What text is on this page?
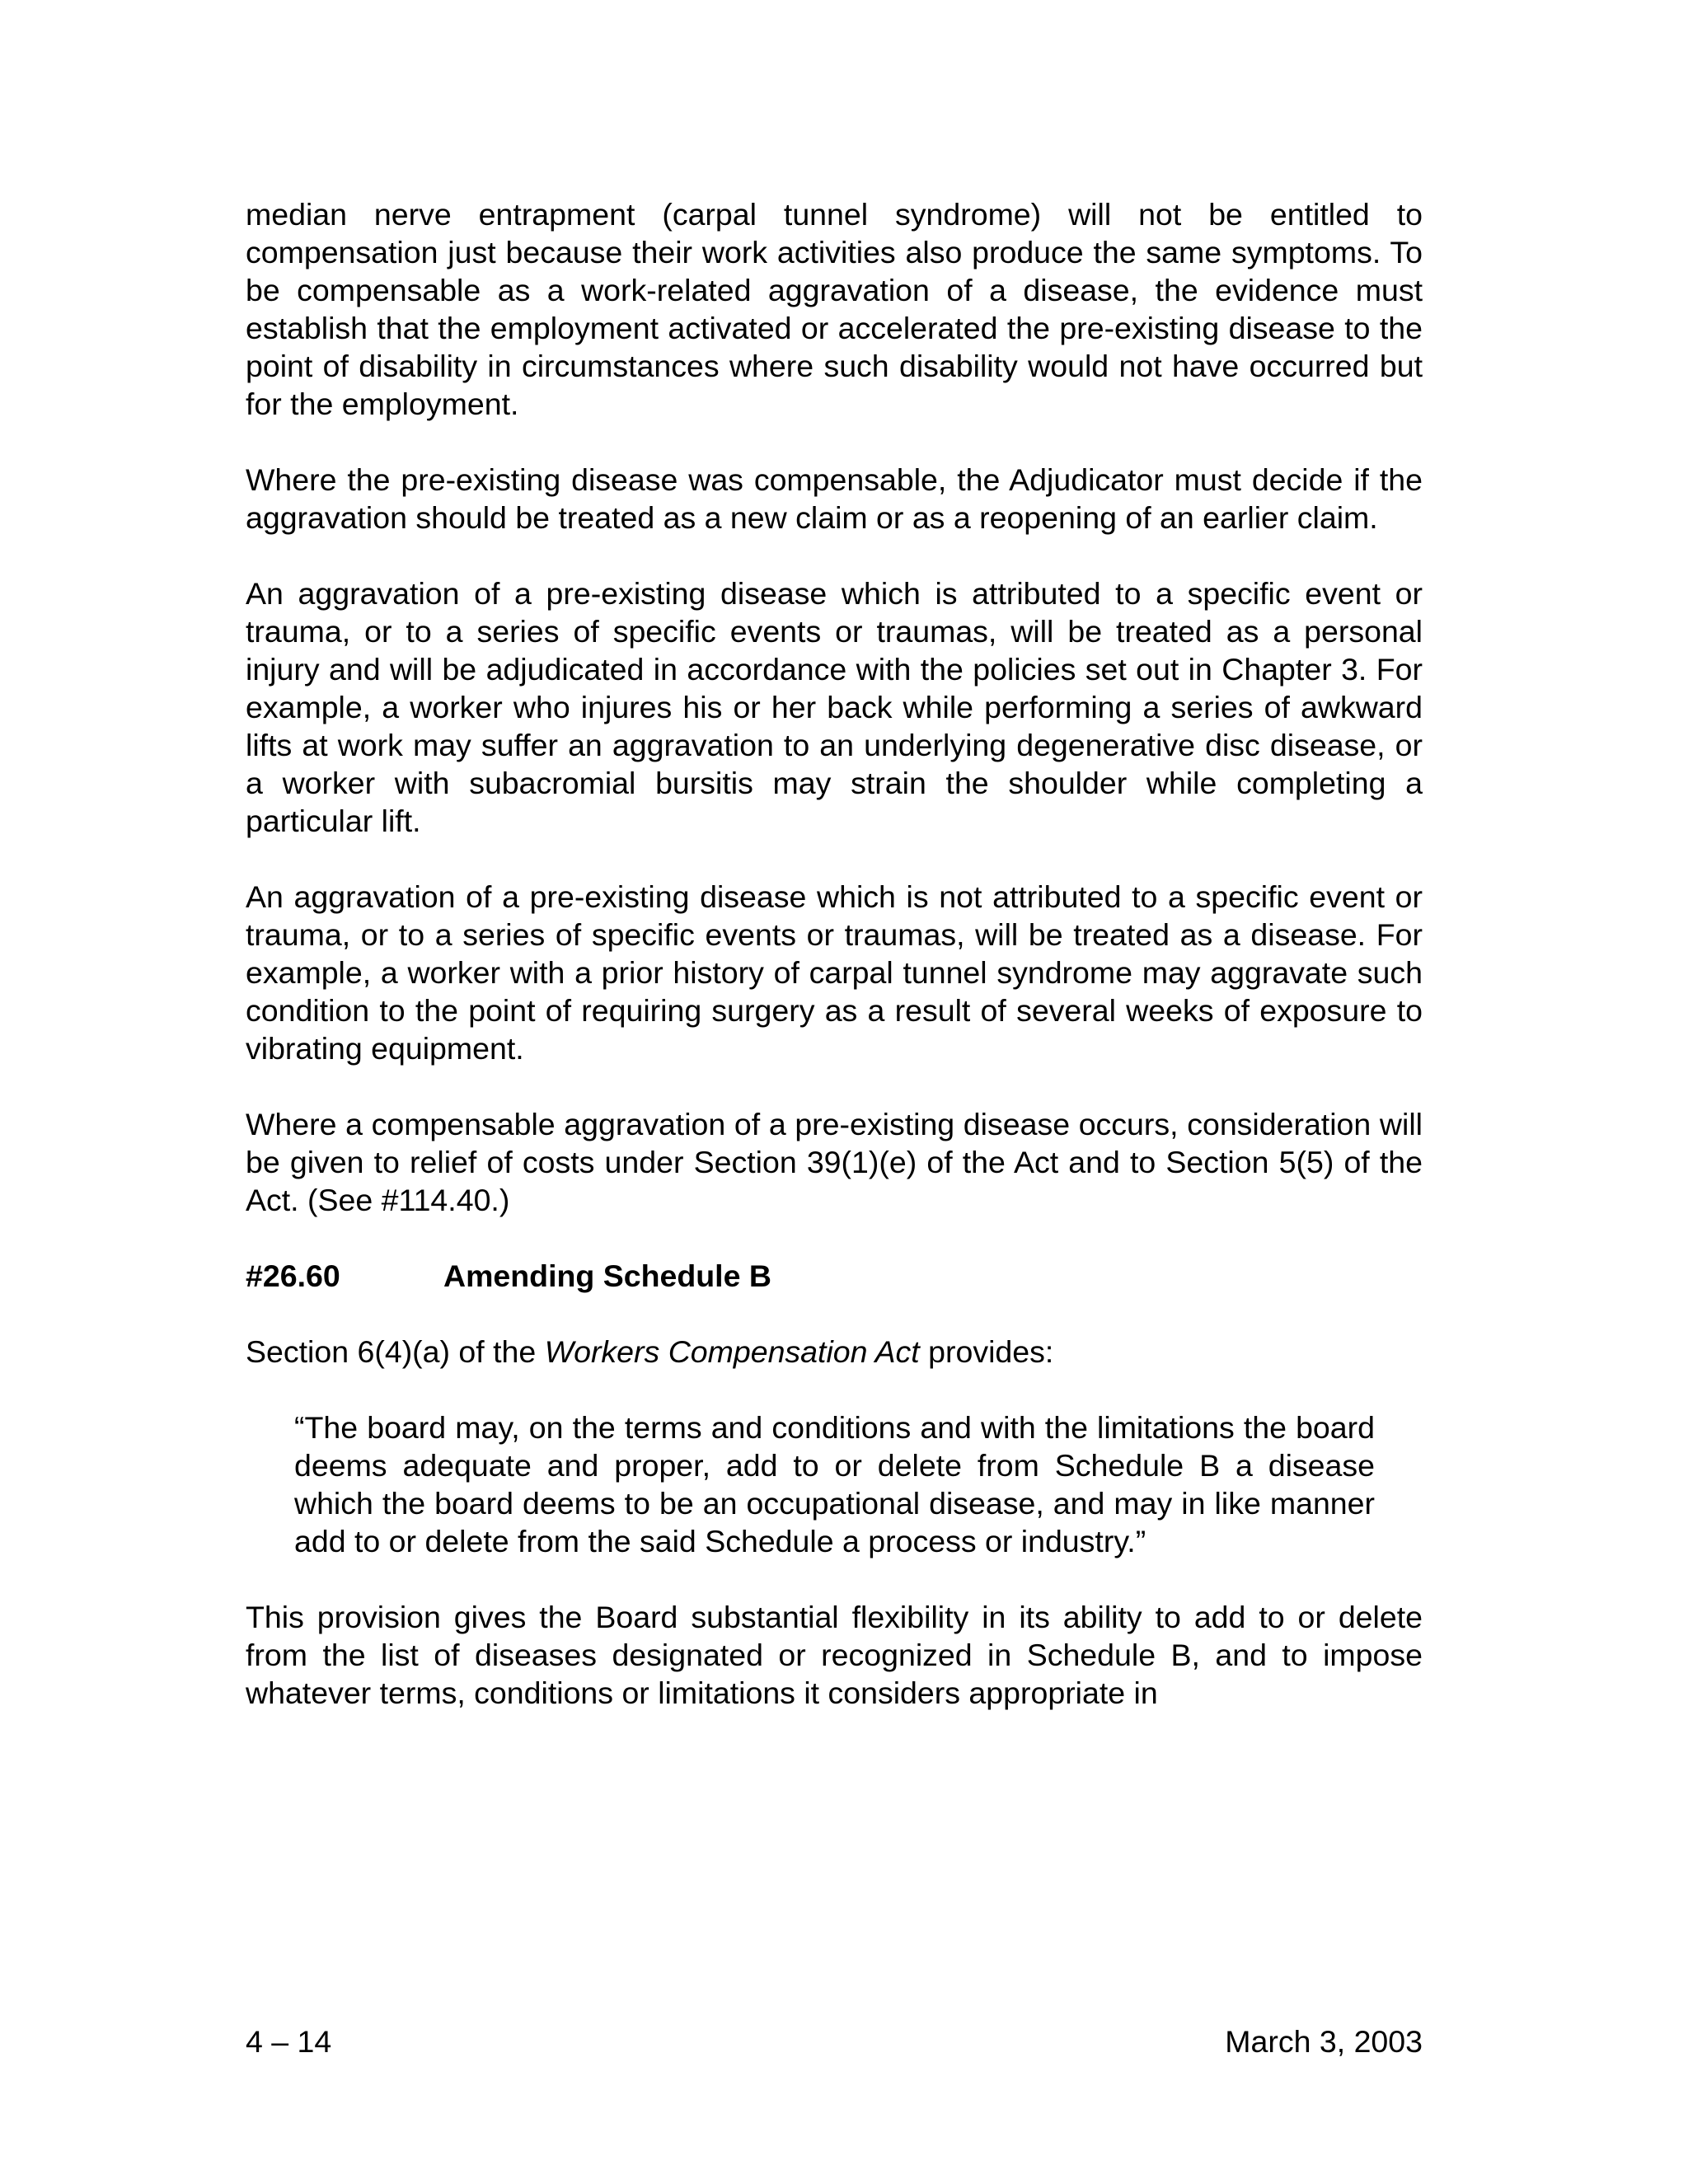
median nerve entrapment (carpal tunnel syndrome) will not be entitled to compensation just because their work activities also produce the same symptoms. To be compensable as a work-related aggravation of a disease, the evidence must establish that the employment activated or accelerated the pre-existing disease to the point of disability in circumstances where such disability would not have occurred but for the employment.

Where the pre-existing disease was compensable, the Adjudicator must decide if the aggravation should be treated as a new claim or as a reopening of an earlier claim.

An aggravation of a pre-existing disease which is attributed to a specific event or trauma, or to a series of specific events or traumas, will be treated as a personal injury and will be adjudicated in accordance with the policies set out in Chapter 3. For example, a worker who injures his or her back while performing a series of awkward lifts at work may suffer an aggravation to an underlying degenerative disc disease, or a worker with subacromial bursitis may strain the shoulder while completing a particular lift.

An aggravation of a pre-existing disease which is not attributed to a specific event or trauma, or to a series of specific events or traumas, will be treated as a disease. For example, a worker with a prior history of carpal tunnel syndrome may aggravate such condition to the point of requiring surgery as a result of several weeks of exposure to vibrating equipment.

Where a compensable aggravation of a pre-existing disease occurs, consideration will be given to relief of costs under Section 39(1)(e) of the Act and to Section 5(5) of the Act. (See #114.40.)

#26.60	Amending Schedule B

Section 6(4)(a) of the Workers Compensation Act provides:

“The board may, on the terms and conditions and with the limitations the board deems adequate and proper, add to or delete from Schedule B a disease which the board deems to be an occupational disease, and may in like manner add to or delete from the said Schedule a process or industry.”

This provision gives the Board substantial flexibility in its ability to add to or delete from the list of diseases designated or recognized in Schedule B, and to impose whatever terms, conditions or limitations it considers appropriate in

4 – 14	March 3, 2003
